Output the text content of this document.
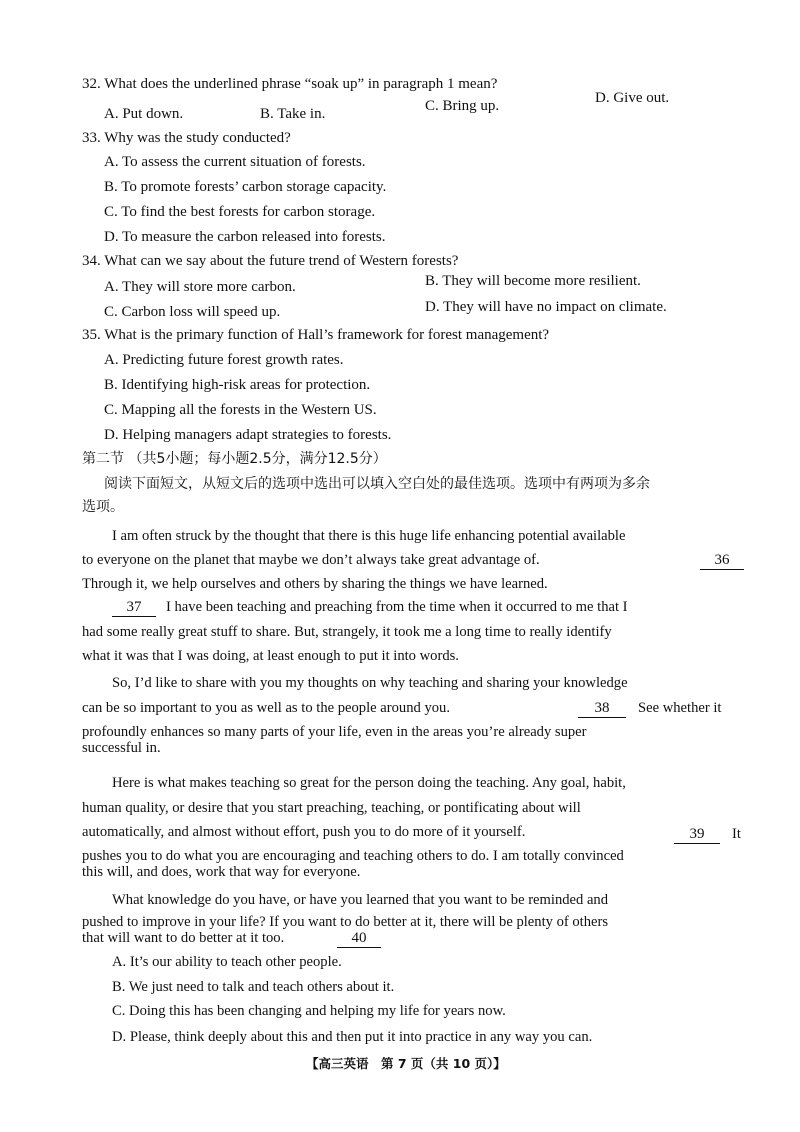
32. What does the underlined phrase “soak up” in paragraph 1 mean?
A. Put down.	B. Take in.	C. Bring up.	D. Give out.
33. Why was the study conducted?
A. To assess the current situation of forests.
B. To promote forests’ carbon storage capacity.
C. To find the best forests for carbon storage.
D. To measure the carbon released into forests.
34. What can we say about the future trend of Western forests?
A. They will store more carbon.	B. They will become more resilient.
C. Carbon loss will speed up.	D. They will have no impact on climate.
35. What is the primary function of Hall’s framework for forest management?
A. Predicting future forest growth rates.
B. Identifying high-risk areas for protection.
C. Mapping all the forests in the Western US.
D. Helping managers adapt strategies to forests.
第二节 （共5小题；每小题2.5分，满分12.5分）
阅读下面短文，从短文后的选项中选出可以填入空白处的最佳选项。选项中有两项为多余
选项。
I am often struck by the thought that there is this huge life enhancing potential available
to everyone on the planet that maybe we don’t always take great advantage of.	36
Through it, we help ourselves and others by sharing the things we have learned.
37	I have been teaching and preaching from the time when it occurred to me that I
had some really great stuff to share. But, strangely, it took me a long time to really identify
what it was that I was doing, at least enough to put it into words.
So, I’d like to share with you my thoughts on why teaching and sharing your knowledge
can be so important to you as well as to the people around you.	38	See whether it
profoundly enhances so many parts of your life, even in the areas you’re already super
successful in.
Here is what makes teaching so great for the person doing the teaching. Any goal, habit,
human quality, or desire that you start preaching, teaching, or pontificating about will
automatically, and almost without effort, push you to do more of it yourself.	39	It
pushes you to do what you are encouraging and teaching others to do. I am totally convinced
this will, and does, work that way for everyone.
What knowledge do you have, or have you learned that you want to be reminded and
pushed to improve in your life? If you want to do better at it, there will be plenty of others
that will want to do better at it too.	40
A. It’s our ability to teach other people.
B. We just need to talk and teach others about it.
C. Doing this has been changing and helping my life for years now.
D. Please, think deeply about this and then put it into practice in any way you can.
【高三英语　第 7 页（共 10 页）】
